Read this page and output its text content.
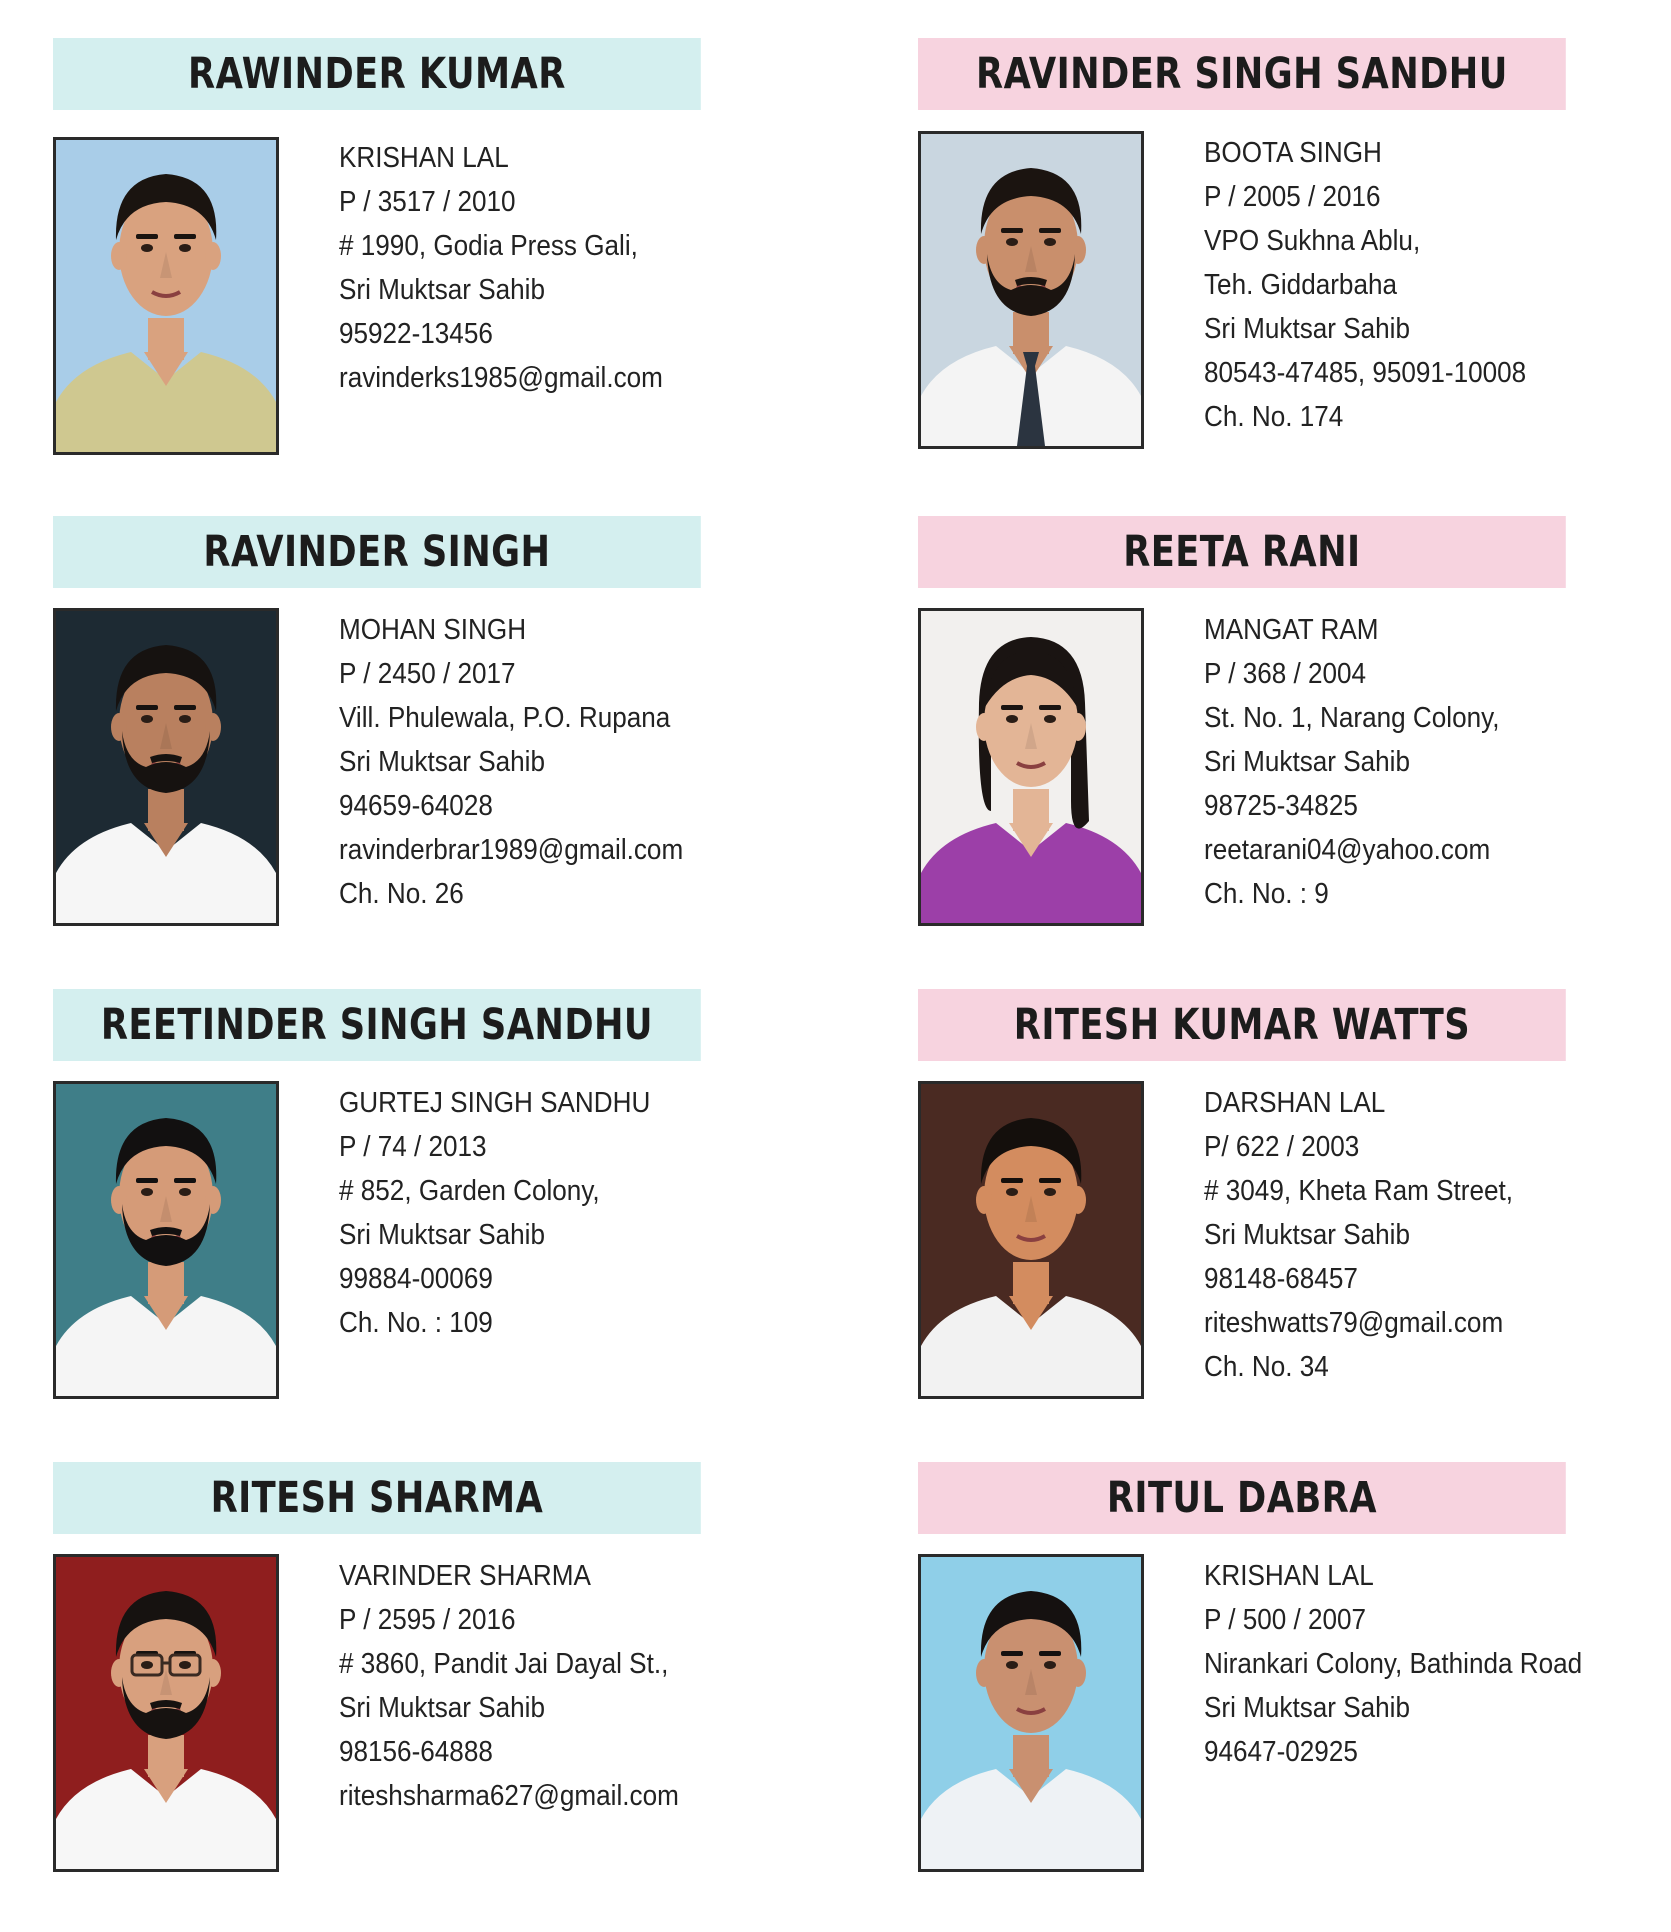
RAWINDER KUMAR
KRISHAN LAL
P / 3517 / 2010
# 1990, Godia Press Gali,
Sri Muktsar Sahib
95922-13456
ravinderks1985@gmail.com
RAVINDER SINGH SANDHU
BOOTA SINGH
P / 2005 / 2016
VPO Sukhna Ablu,
Teh. Giddarbaha
Sri Muktsar Sahib
80543-47485, 95091-10008
Ch. No. 174
RAVINDER SINGH
MOHAN SINGH
P / 2450 / 2017
Vill. Phulewala, P.O. Rupana
Sri Muktsar Sahib
94659-64028
ravinderbrar1989@gmail.com
Ch. No. 26
REETA RANI
MANGAT RAM
P / 368 / 2004
St. No. 1, Narang Colony,
Sri Muktsar Sahib
98725-34825
reetarani04@yahoo.com
Ch. No. : 9
REETINDER SINGH SANDHU
GURTEJ SINGH SANDHU
P / 74 / 2013
# 852, Garden Colony,
Sri Muktsar Sahib
99884-00069
Ch. No. : 109
RITESH KUMAR WATTS
DARSHAN LAL
P/ 622 / 2003
# 3049, Kheta Ram Street,
Sri Muktsar Sahib
98148-68457
riteshwatts79@gmail.com
Ch. No. 34
RITESH SHARMA
VARINDER SHARMA
P / 2595 / 2016
# 3860, Pandit Jai Dayal St.,
Sri Muktsar Sahib
98156-64888
riteshsharma627@gmail.com
RITUL DABRA
KRISHAN LAL
P / 500 / 2007
Nirankari Colony, Bathinda Road
Sri Muktsar Sahib
94647-02925
